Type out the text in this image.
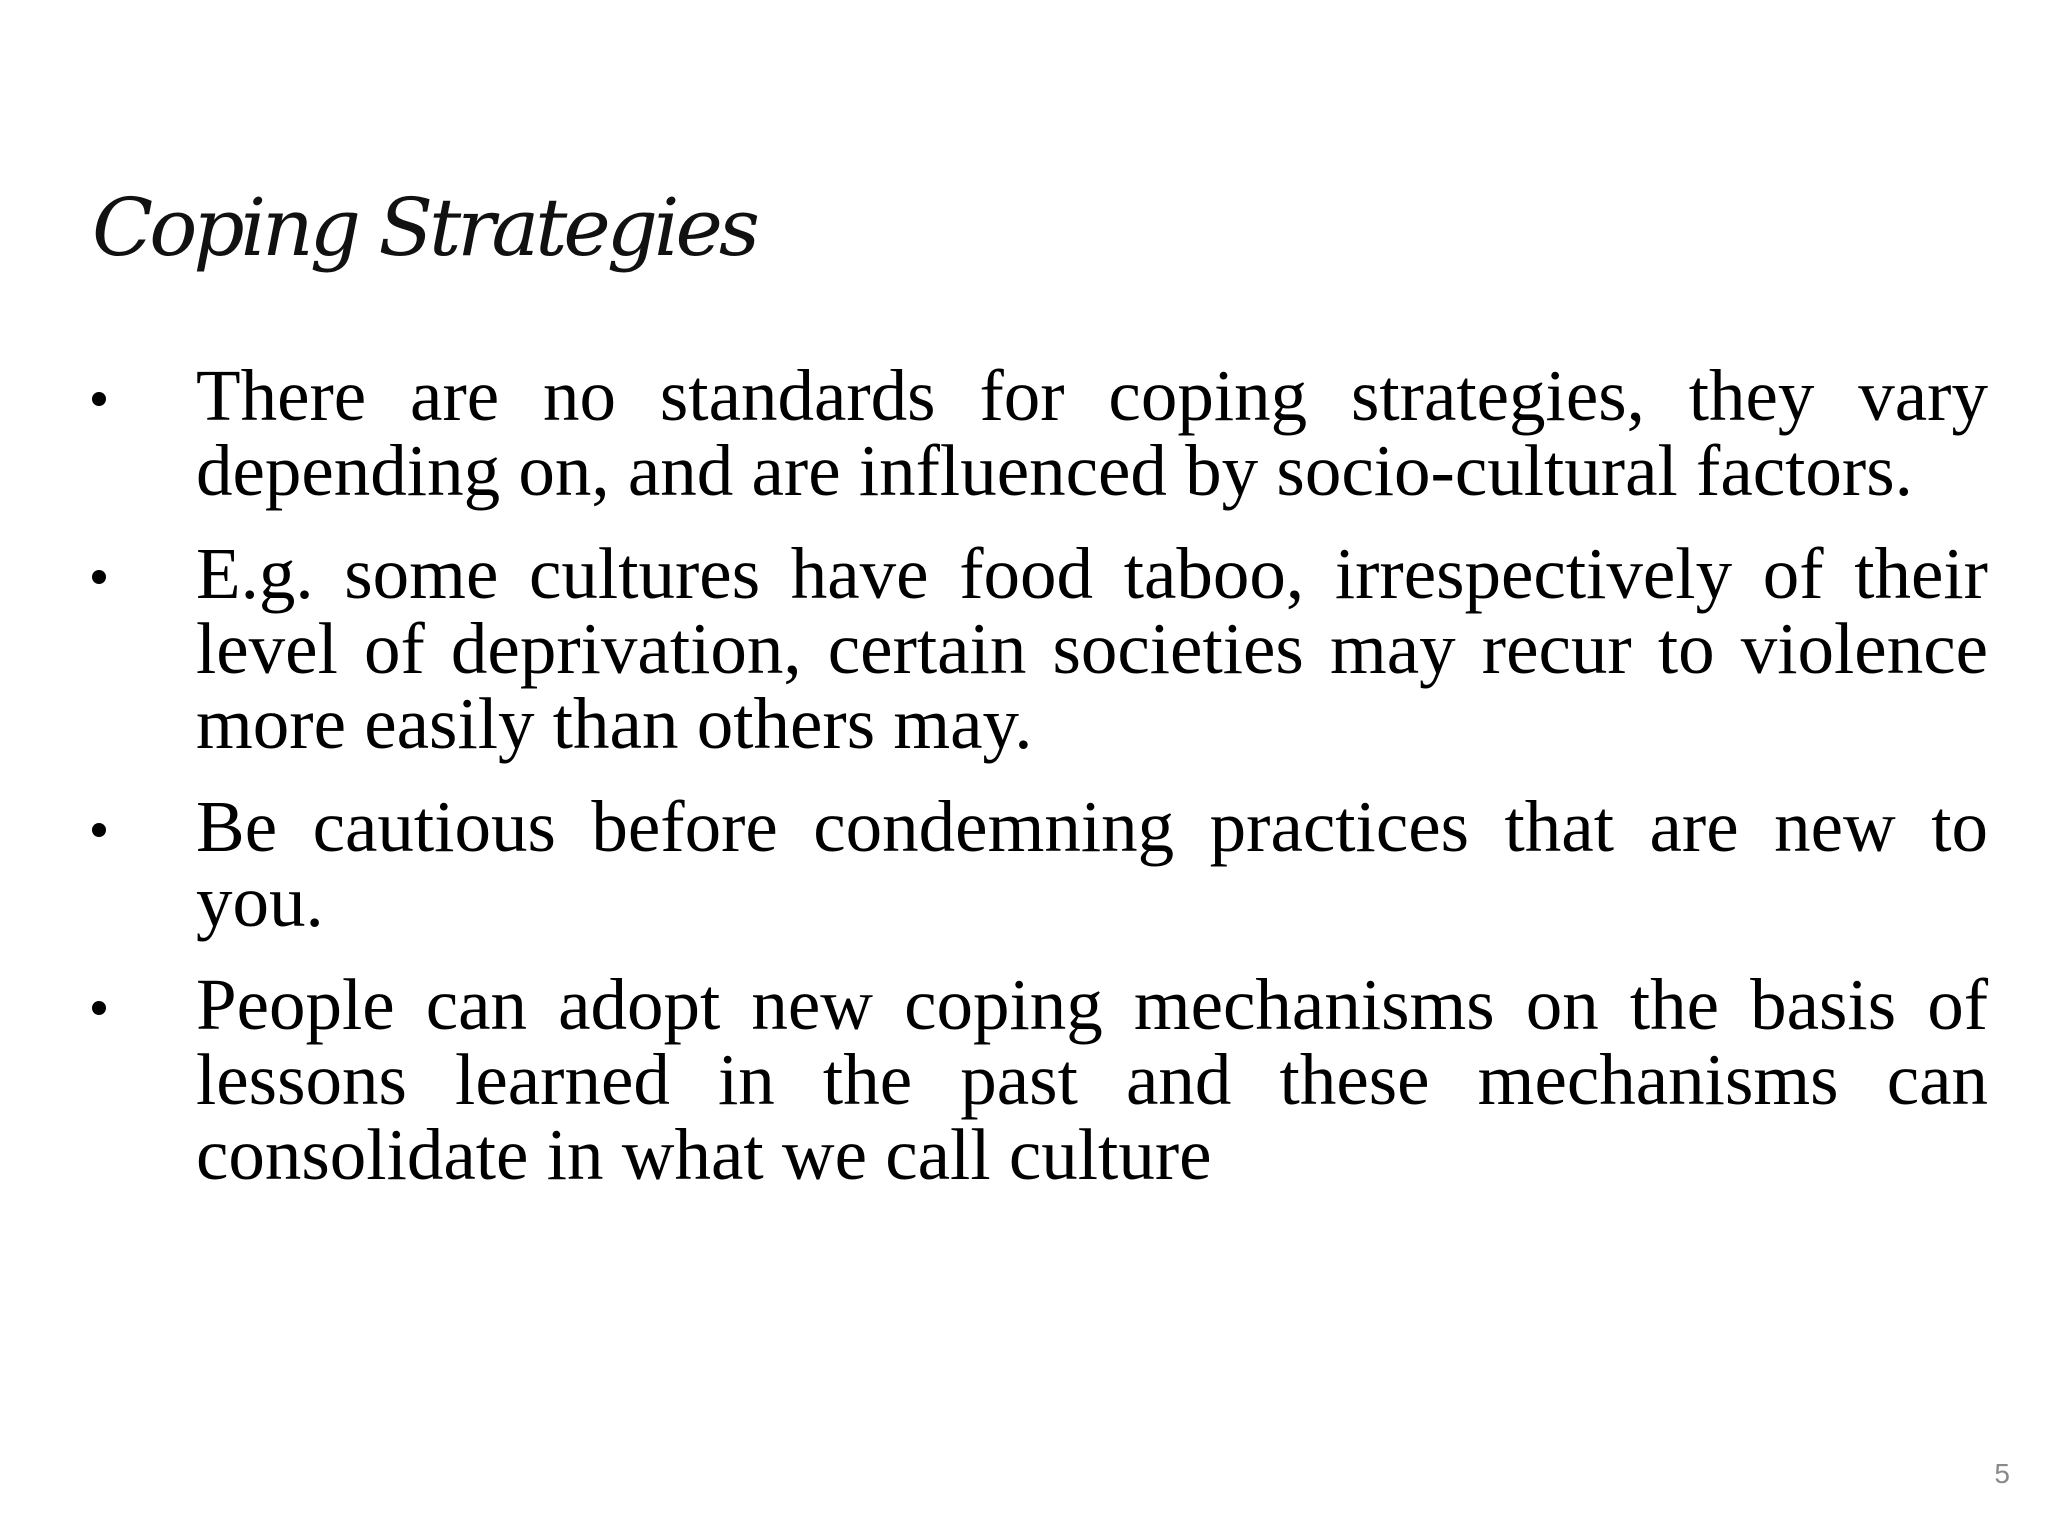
Coping Strategies
There are no standards for coping strategies, they vary depending on, and are influenced by socio-cultural factors.
E.g. some cultures have food taboo, irrespectively of their level of deprivation, certain societies may recur to violence more easily than others may.
Be cautious before condemning practices that are new to you.
People can adopt new coping mechanisms on the basis of lessons learned in the past and these mechanisms can consolidate in what we call culture
5
